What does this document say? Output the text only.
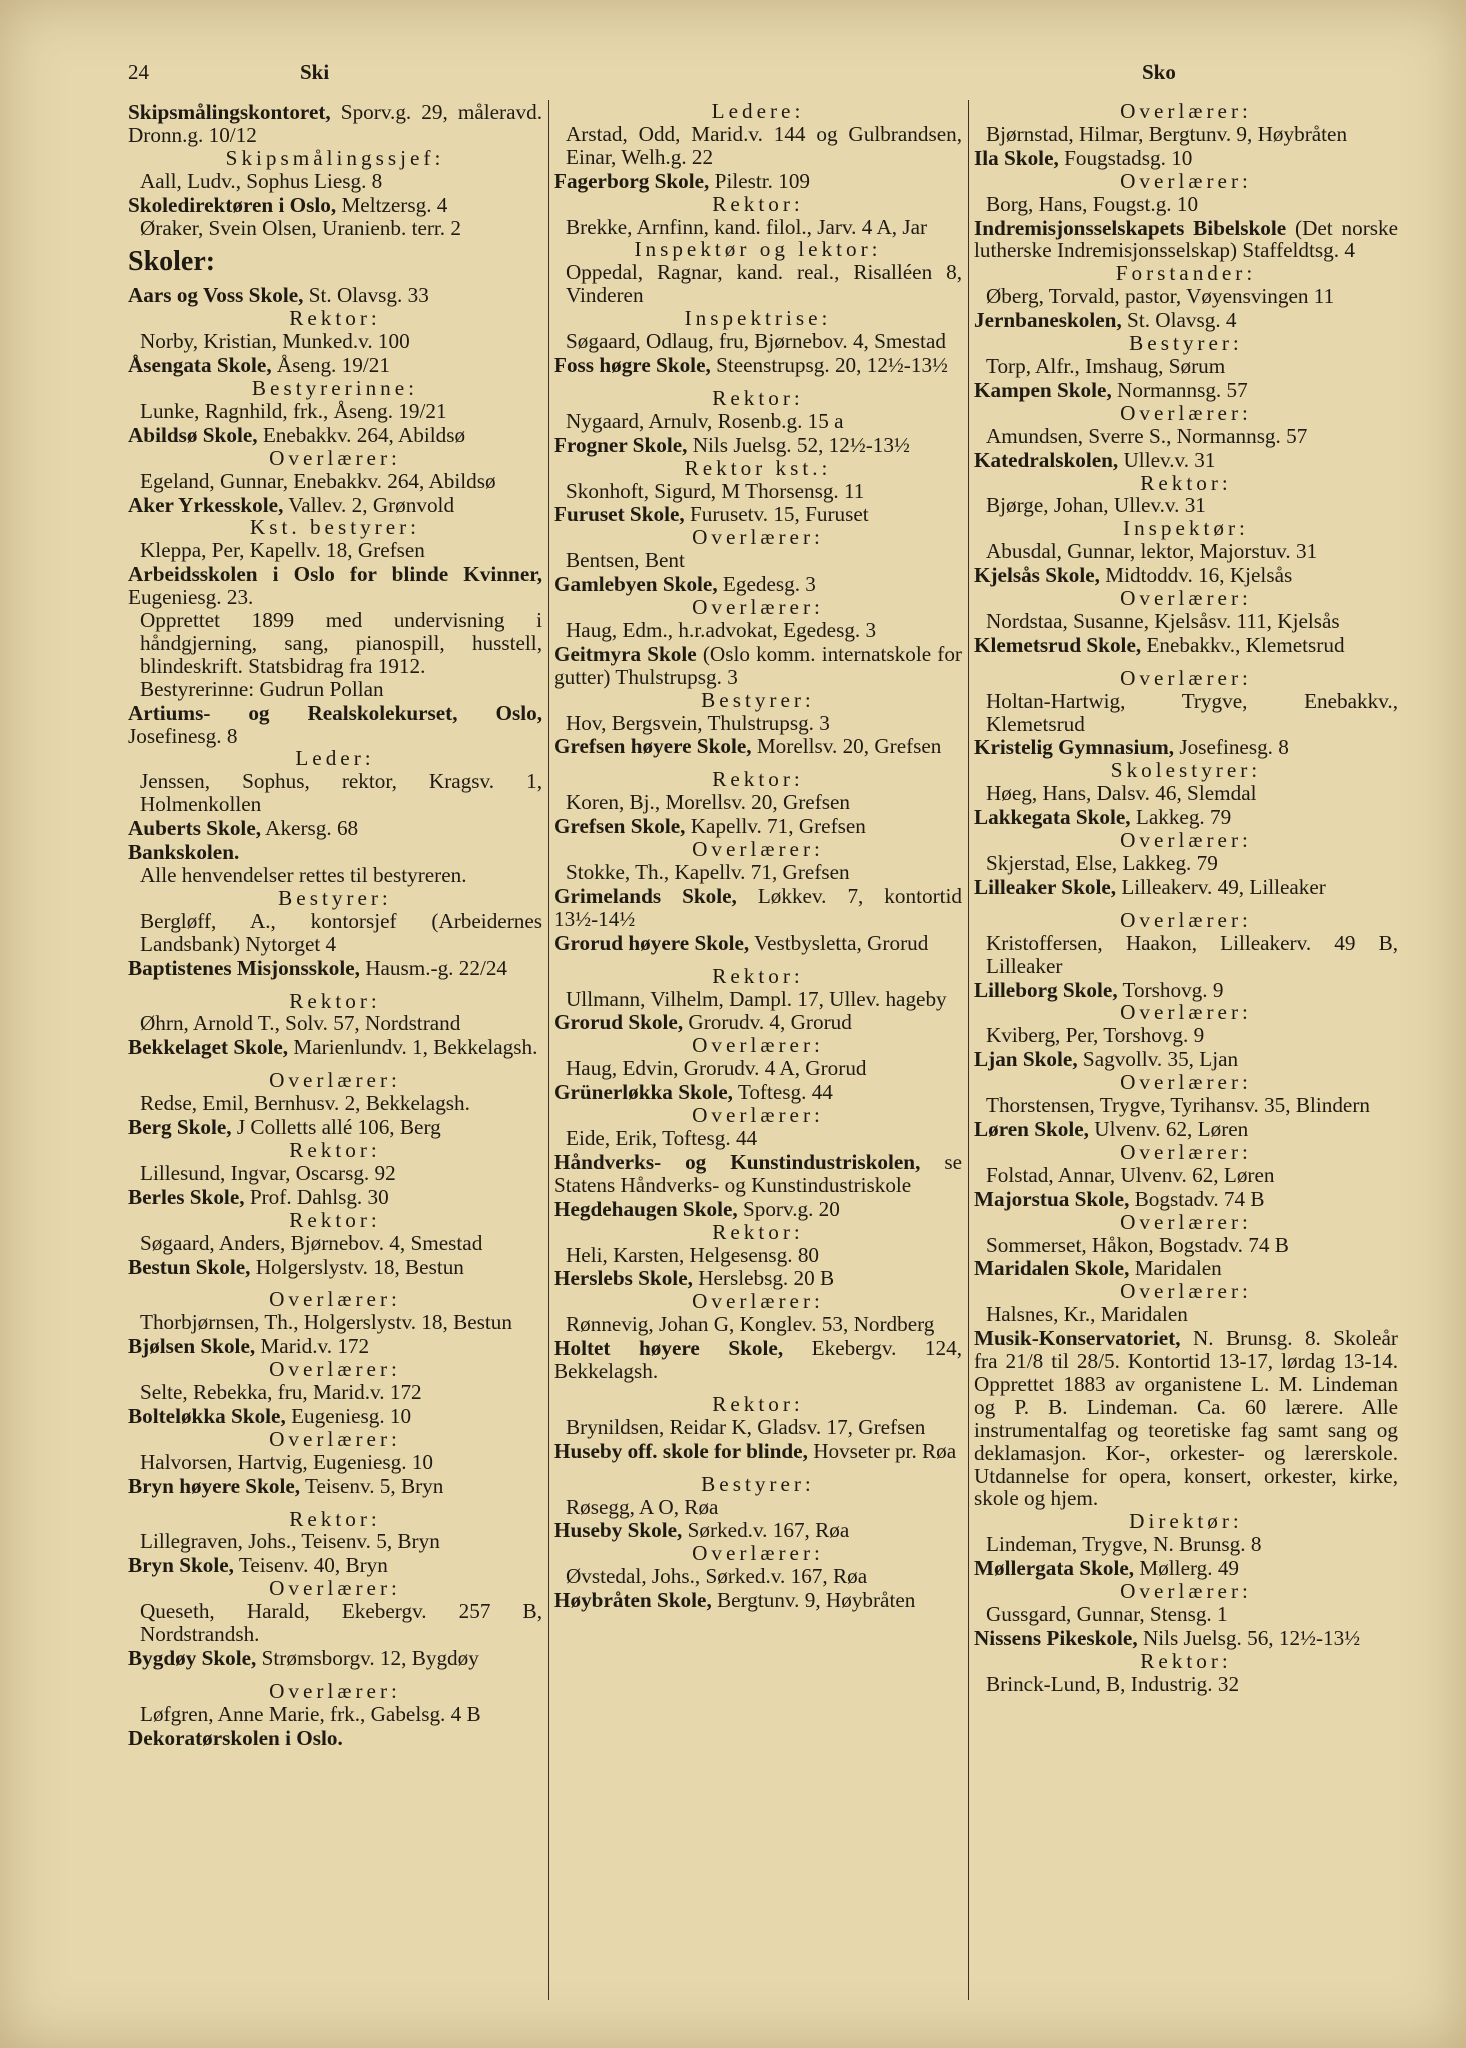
24	Ski	Sko

Skipsmålingskontoret, Sporv.g. 29, måleravd. Dronn.g. 10/12

Skipsmålingssjef:

Aall, Ludv., Sophus Liesg. 8

Skoledirektøren i Oslo, Meltzersg. 4

Øraker, Svein Olsen, Uranienb. terr. 2

Skoler:

Aars og Voss Skole, St. Olavsg. 33

Rektor:

Norby, Kristian, Munked.v. 100

Åsengata Skole, Åseng. 19/21

Bestyrerinne:

Lunke, Ragnhild, frk., Åseng. 19/21

Abildsø Skole, Enebakkv. 264, Abildsø

Overlærer:

Egeland, Gunnar, Enebakkv. 264, Abildsø

Aker Yrkesskole, Vallev. 2, Grønvold

Kst. bestyrer:

Kleppa, Per, Kapellv. 18, Grefsen

Arbeidsskolen i Oslo for blinde Kvinner, Eugeniesg. 23.

Opprettet 1899 med undervisning i håndgjerning, sang, pianospill, husstell, blindeskrift. Statsbidrag fra 1912.

Bestyrerinne: Gudrun Pollan

Artiums- og Realskolekurset, Oslo, Josefinesg. 8

Leder:

Jenssen, Sophus, rektor, Kragsv. 1, Holmenkollen

Auberts Skole, Akersg. 68

Bankskolen.

Alle henvendelser rettes til bestyreren.

Bestyrer:

Bergløff, A., kontorsjef (Arbeidernes Landsbank) Nytorget 4

Baptistenes Misjonsskole, Hausm.-g. 22/24

Rektor:

Øhrn, Arnold T., Solv. 57, Nordstrand

Bekkelaget Skole, Marienlundv. 1, Bekkelagsh.

Overlærer:

Redse, Emil, Bernhusv. 2, Bekkelagsh.

Berg Skole, J Colletts allé 106, Berg

Rektor:

Lillesund, Ingvar, Oscarsg. 92

Berles Skole, Prof. Dahlsg. 30

Rektor:

Søgaard, Anders, Bjørnebov. 4, Smestad

Bestun Skole, Holgerslystv. 18, Bestun

Overlærer:

Thorbjørnsen, Th., Holgerslystv. 18, Bestun

Bjølsen Skole, Marid.v. 172

Overlærer:

Selte, Rebekka, fru, Marid.v. 172

Bolteløkka Skole, Eugeniesg. 10

Overlærer:

Halvorsen, Hartvig, Eugeniesg. 10

Bryn høyere Skole, Teisenv. 5, Bryn

Rektor:

Lillegraven, Johs., Teisenv. 5, Bryn

Bryn Skole, Teisenv. 40, Bryn

Overlærer:

Queseth, Harald, Ekebergv. 257 B, Nordstrandsh.

Bygdøy Skole, Strømsborgv. 12, Bygdøy

Overlærer:

Løfgren, Anne Marie, frk., Gabelsg. 4 B

Dekoratørskolen i Oslo.

Ledere:

Arstad, Odd, Marid.v. 144 og Gulbrandsen, Einar, Welh.g. 22

Fagerborg Skole, Pilestr. 109

Rektor:

Brekke, Arnfinn, kand. filol., Jarv. 4 A, Jar

Inspektør og lektor:

Oppedal, Ragnar, kand. real., Risalléen 8, Vinderen

Inspektrise:

Søgaard, Odlaug, fru, Bjørnebov. 4, Smestad

Foss høgre Skole, Steenstrupsg. 20, 12½-13½

Rektor:

Nygaard, Arnulv, Rosenb.g. 15 a

Frogner Skole, Nils Juelsg. 52, 12½-13½

Rektor kst.:

Skonhoft, Sigurd, M Thorsensg. 11

Furuset Skole, Furusetv. 15, Furuset

Overlærer:

Bentsen, Bent

Gamlebyen Skole, Egedesg. 3

Overlærer:

Haug, Edm., h.r.advokat, Egedesg. 3

Geitmyra Skole (Oslo komm. internatskole for gutter) Thulstrupsg. 3

Bestyrer:

Hov, Bergsvein, Thulstrupsg. 3

Grefsen høyere Skole, Morellsv. 20, Grefsen

Rektor:

Koren, Bj., Morellsv. 20, Grefsen

Grefsen Skole, Kapellv. 71, Grefsen

Overlærer:

Stokke, Th., Kapellv. 71, Grefsen

Grimelands Skole, Løkkev. 7, kontortid 13½-14½

Grorud høyere Skole, Vestbysletta, Grorud

Rektor:

Ullmann, Vilhelm, Dampl. 17, Ullev. hageby

Grorud Skole, Grorudv. 4, Grorud

Overlærer:

Haug, Edvin, Grorudv. 4 A, Grorud

Grünerløkka Skole, Toftesg. 44

Overlærer:

Eide, Erik, Toftesg. 44

Håndverks- og Kunstindustriskolen, se Statens Håndverks- og Kunstindustriskole

Hegdehaugen Skole, Sporv.g. 20

Rektor:

Heli, Karsten, Helgesensg. 80

Herslebs Skole, Herslebsg. 20 B

Overlærer:

Rønnevig, Johan G, Konglev. 53, Nordberg

Holtet høyere Skole, Ekebergv. 124, Bekkelagsh.

Rektor:

Brynildsen, Reidar K, Gladsv. 17, Grefsen

Huseby off. skole for blinde, Hovseter pr. Røa

Bestyrer:

Røsegg, A O, Røa

Huseby Skole, Sørked.v. 167, Røa

Overlærer:

Øvstedal, Johs., Sørked.v. 167, Røa

Høybråten Skole, Bergtunv. 9, Høybråten

Overlærer:

Bjørnstad, Hilmar, Bergtunv. 9, Høybråten

Ila Skole, Fougstadsg. 10

Overlærer:

Borg, Hans, Fougst.g. 10

Indremisjonsselskapets Bibelskole (Det norske lutherske Indremisjonsselskap) Staffeldtsg. 4

Forstander:

Øberg, Torvald, pastor, Vøyensvingen 11

Jernbaneskolen, St. Olavsg. 4

Bestyrer:

Torp, Alfr., Imshaug, Sørum

Kampen Skole, Normannsg. 57

Overlærer:

Amundsen, Sverre S., Normannsg. 57

Katedralskolen, Ullev.v. 31

Rektor:

Bjørge, Johan, Ullev.v. 31

Inspektør:

Abusdal, Gunnar, lektor, Majorstuv. 31

Kjelsås Skole, Midtoddv. 16, Kjelsås

Overlærer:

Nordstaa, Susanne, Kjelsåsv. 111, Kjelsås

Klemetsrud Skole, Enebakkv., Klemetsrud

Overlærer:

Holtan-Hartwig, Trygve, Enebakkv., Klemetsrud

Kristelig Gymnasium, Josefinesg. 8

Skolestyrer:

Høeg, Hans, Dalsv. 46, Slemdal

Lakkegata Skole, Lakkeg. 79

Overlærer:

Skjerstad, Else, Lakkeg. 79

Lilleaker Skole, Lilleakerv. 49, Lilleaker

Overlærer:

Kristoffersen, Haakon, Lilleakerv. 49 B, Lilleaker

Lilleborg Skole, Torshovg. 9

Overlærer:

Kviberg, Per, Torshovg. 9

Ljan Skole, Sagvollv. 35, Ljan

Overlærer:

Thorstensen, Trygve, Tyrihansv. 35, Blindern

Løren Skole, Ulvenv. 62, Løren

Overlærer:

Folstad, Annar, Ulvenv. 62, Løren

Majorstua Skole, Bogstadv. 74 B

Overlærer:

Sommerset, Håkon, Bogstadv. 74 B

Maridalen Skole, Maridalen

Overlærer:

Halsnes, Kr., Maridalen

Musik-Konservatoriet, N. Brunsg. 8. Skoleår fra 21/8 til 28/5. Kontortid 13-17, lørdag 13-14. Opprettet 1883 av organistene L. M. Lindeman og P. B. Lindeman. Ca. 60 lærere. Alle instrumentalfag og teoretiske fag samt sang og deklamasjon. Kor-, orkester- og lærerskole. Utdannelse for opera, konsert, orkester, kirke, skole og hjem.

Direktør:

Lindeman, Trygve, N. Brunsg. 8

Møllergata Skole, Møllerg. 49

Overlærer:

Gussgard, Gunnar, Stensg. 1

Nissens Pikeskole, Nils Juelsg. 56, 12½-13½

Rektor:

Brinck-Lund, B, Industrig. 32
